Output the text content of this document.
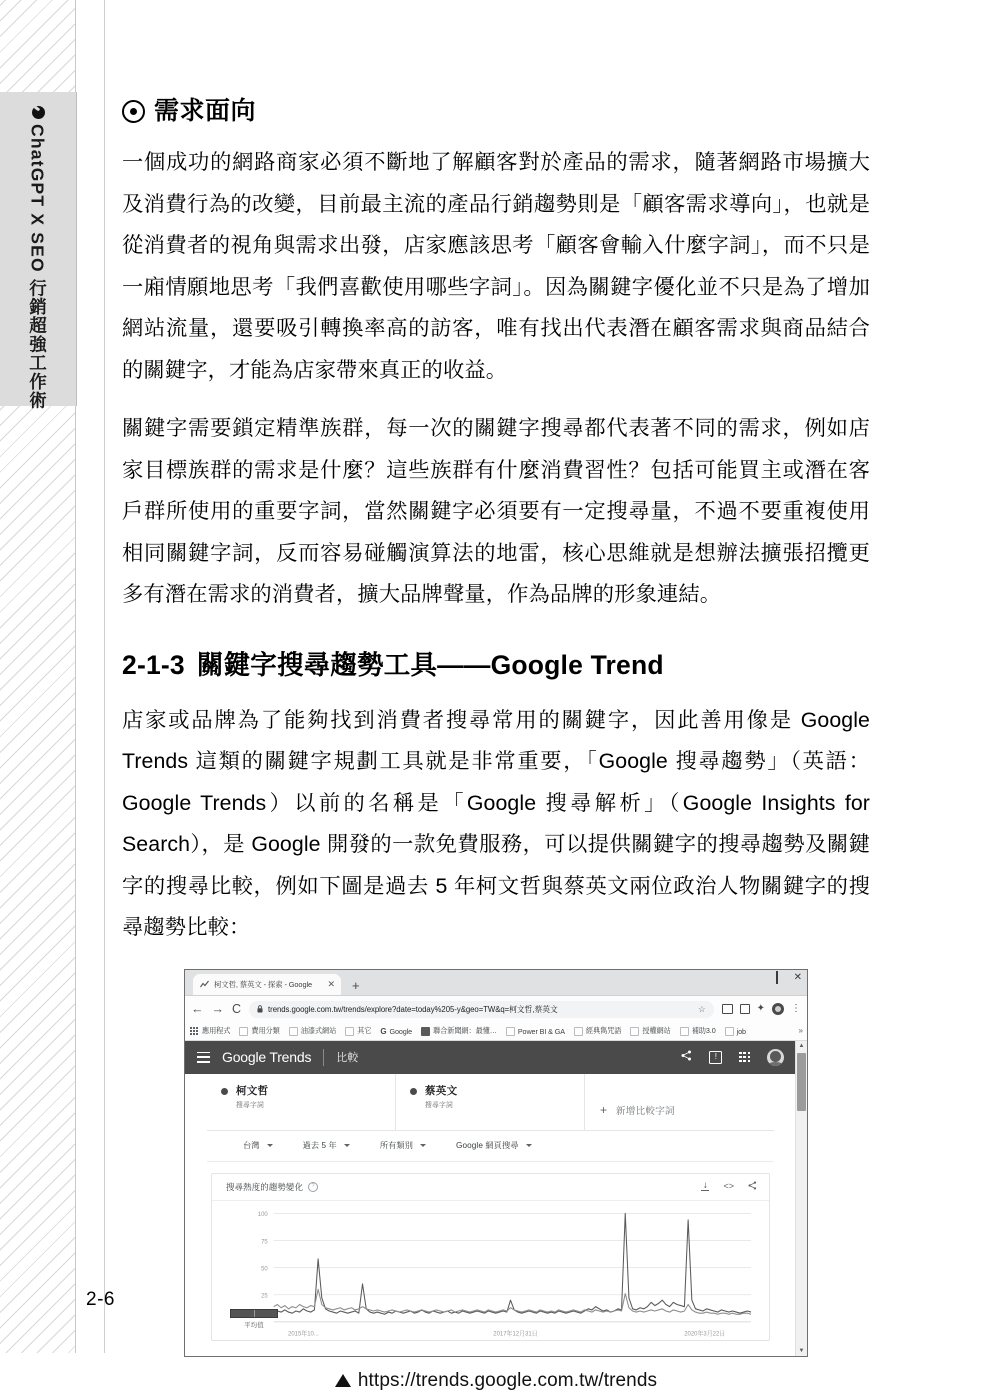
ChatGPT X SEO 行銷超強工作術
需求面向

一個成功的網路商家必須不斷地了解顧客對於產品的需求，隨著網路市場擴大及消費行為的改變，目前最主流的產品行銷趨勢則是「顧客需求導向」，也就是從消費者的視角與需求出發，店家應該思考「顧客會輸入什麼字詞」，而不只是一廂情願地思考「我們喜歡使用哪些字詞」。因為關鍵字優化並不只是為了增加網站流量，還要吸引轉換率高的訪客，唯有找出代表潛在顧客需求與商品結合的關鍵字，才能為店家帶來真正的收益。

關鍵字需要鎖定精準族群，每一次的關鍵字搜尋都代表著不同的需求，例如店家目標族群的需求是什麼？這些族群有什麼消費習性？包括可能買主或潛在客戶群所使用的重要字詞，當然關鍵字必須要有一定搜尋量，不過不要重複使用相同關鍵字詞，反而容易碰觸演算法的地雷，核心思維就是想辦法擴張招攬更多有潛在需求的消費者，擴大品牌聲量，作為品牌的形象連結。

2-1-3 關鍵字搜尋趨勢工具——Google Trend

店家或品牌為了能夠找到消費者搜尋常用的關鍵字，因此善用像是 Google Trends 這類的關鍵字規劃工具就是非常重要，「Google 搜尋趨勢」（英語：Google Trends）以前的名稱是「Google 搜尋解析」（Google Insights for Search），是 Google 開發的一款免費服務，可以提供關鍵字的搜尋趨勢及關鍵字的搜尋比較，例如下圖是過去 5 年柯文哲與蔡英文兩位政治人物關鍵字的搜尋趨勢比較：

柯文哲, 蔡英文 - 探索 - Google	✕ +
✕
← → C	trends.google.com.tw/trends/explore?date=today%205-y&geo=TW&q=柯文哲,蔡英文	☆	✦	⋮
應用程式	費用分類	油漆式網站	其它 G Google	聯合新聞網：最懂…	Power BI & GA	經典雋咒語	授權網站	補助3.0	job	»
Google Trends 比較	!
柯文哲
搜尋字詞
蔡英文
搜尋字詞	+ 新增比較字詞
台灣	過去 5 年	所有類別	Google 網頁搜尋
搜尋熱度的趨勢變化	?	⭣ <>
25
50
75
100
2015年10...	2017年12月31日	2020年3月22日
平均值
▲
▼
https://trends.google.com.tw/trends
2-6
